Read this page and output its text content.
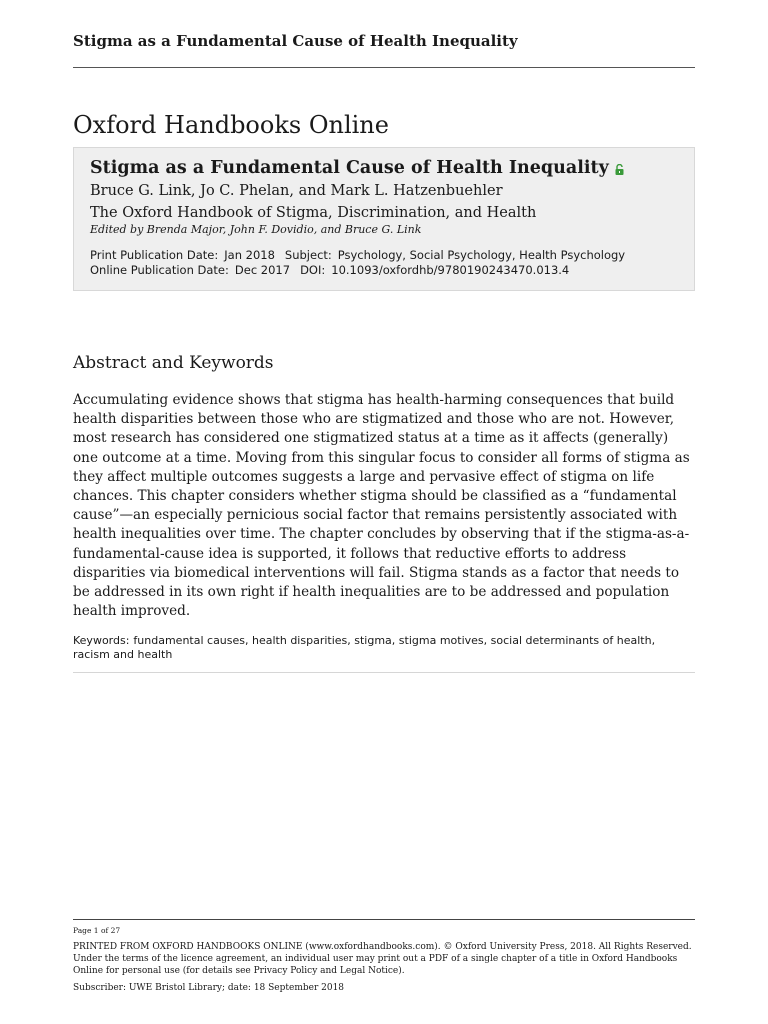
Stigma as a Fundamental Cause of Health Inequality
Oxford Handbooks Online
Stigma as a Fundamental Cause of Health Inequality
Bruce G. Link, Jo C. Phelan, and Mark L. Hatzenbuehler
The Oxford Handbook of Stigma, Discrimination, and Health
Edited by Brenda Major, John F. Dovidio, and Bruce G. Link
Print Publication Date: Jan 2018 Subject: Psychology, Social Psychology, Health Psychology
Online Publication Date: Dec 2017 DOI: 10.1093/oxfordhb/9780190243470.013.4
Abstract and Keywords

Accumulating evidence shows that stigma has health-harming consequences that build health disparities between those who are stigmatized and those who are not. However, most research has considered one stigmatized status at a time as it affects (generally) one outcome at a time. Moving from this singular focus to consider all forms of stigma as they affect multiple outcomes suggests a large and pervasive effect of stigma on life chances. This chapter considers whether stigma should be classified as a “fundamental cause”—an especially pernicious social factor that remains persistently associated with health inequalities over time. The chapter concludes by observing that if the stigma-as-a-fundamental-cause idea is supported, it follows that reductive efforts to address disparities via biomedical interventions will fail. Stigma stands as a factor that needs to be addressed in its own right if health inequalities are to be addressed and population health improved.

Keywords: fundamental causes, health disparities, stigma, stigma motives, social determinants of health, racism and health
Page 1 of 27
PRINTED FROM OXFORD HANDBOOKS ONLINE (www.oxfordhandbooks.com). © Oxford University Press, 2018. All Rights Reserved. Under the terms of the licence agreement, an individual user may print out a PDF of a single chapter of a title in Oxford Handbooks Online for personal use (for details see Privacy Policy and Legal Notice).
Subscriber: UWE Bristol Library; date: 18 September 2018
